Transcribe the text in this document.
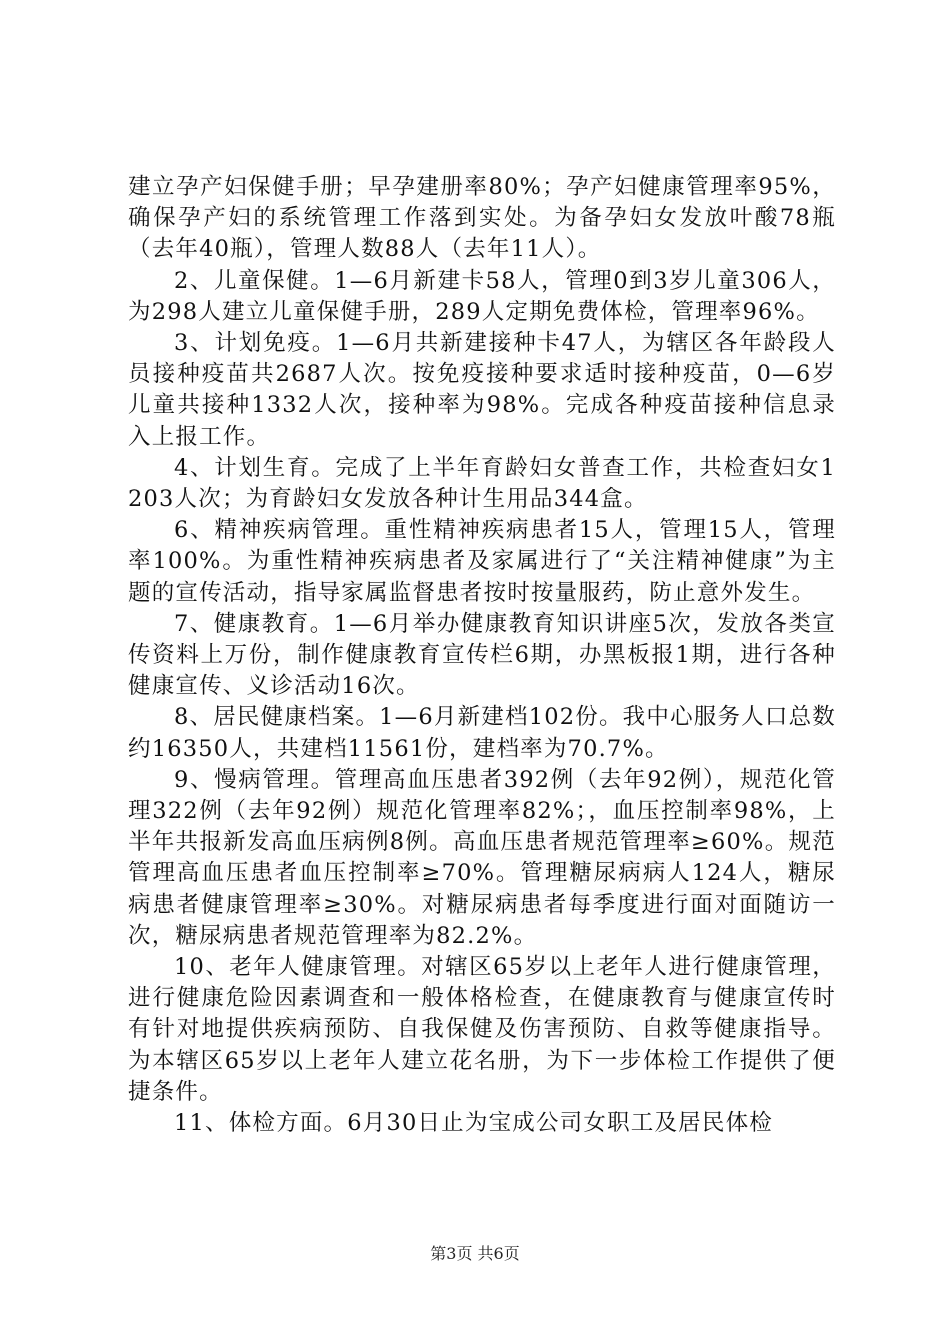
建立孕产妇保健手册；早孕建册率80%；孕产妇健康管理率95%，确保孕产妇的系统管理工作落到实处。为备孕妇女发放叶酸78瓶（去年40瓶），管理人数88人（去年11人）。

2、儿童保健。1—6月新建卡58人，管理0到3岁儿童306人，为298人建立儿童保健手册，289人定期免费体检，管理率96%。

3、计划免疫。1—6月共新建接种卡47人，为辖区各年龄段人员接种疫苗共2687人次。按免疫接种要求适时接种疫苗，0—6岁儿童共接种1332人次，接种率为98%。完成各种疫苗接种信息录入上报工作。

4、计划生育。完成了上半年育龄妇女普查工作，共检查妇女1203人次；为育龄妇女发放各种计生用品344盒。

6、精神疾病管理。重性精神疾病患者15人，管理15人，管理率100%。为重性精神疾病患者及家属进行了“关注精神健康”为主题的宣传活动，指导家属监督患者按时按量服药，防止意外发生。

7、健康教育。1—6月举办健康教育知识讲座5次，发放各类宣传资料上万份，制作健康教育宣传栏6期，办黑板报1期，进行各种健康宣传、义诊活动16次。

8、居民健康档案。1—6月新建档102份。我中心服务人口总数约16350人，共建档11561份，建档率为70.7%。

9、慢病管理。管理高血压患者392例（去年92例），规范化管理322例（去年92例）规范化管理率82%；，血压控制率98%，上半年共报新发高血压病例8例。高血压患者规范管理率≥60%。规范管理高血压患者血压控制率≥70%。管理糖尿病病人124人，糖尿病患者健康管理率≥30%。对糖尿病患者每季度进行面对面随访一次，糖尿病患者规范管理率为82.2%。

10、老年人健康管理。对辖区65岁以上老年人进行健康管理，进行健康危险因素调查和一般体格检查，在健康教育与健康宣传时有针对地提供疾病预防、自我保健及伤害预防、自救等健康指导。为本辖区65岁以上老年人建立花名册，为下一步体检工作提供了便捷条件。

11、体检方面。6月30日止为宝成公司女职工及居民体检

第3页 共6页
